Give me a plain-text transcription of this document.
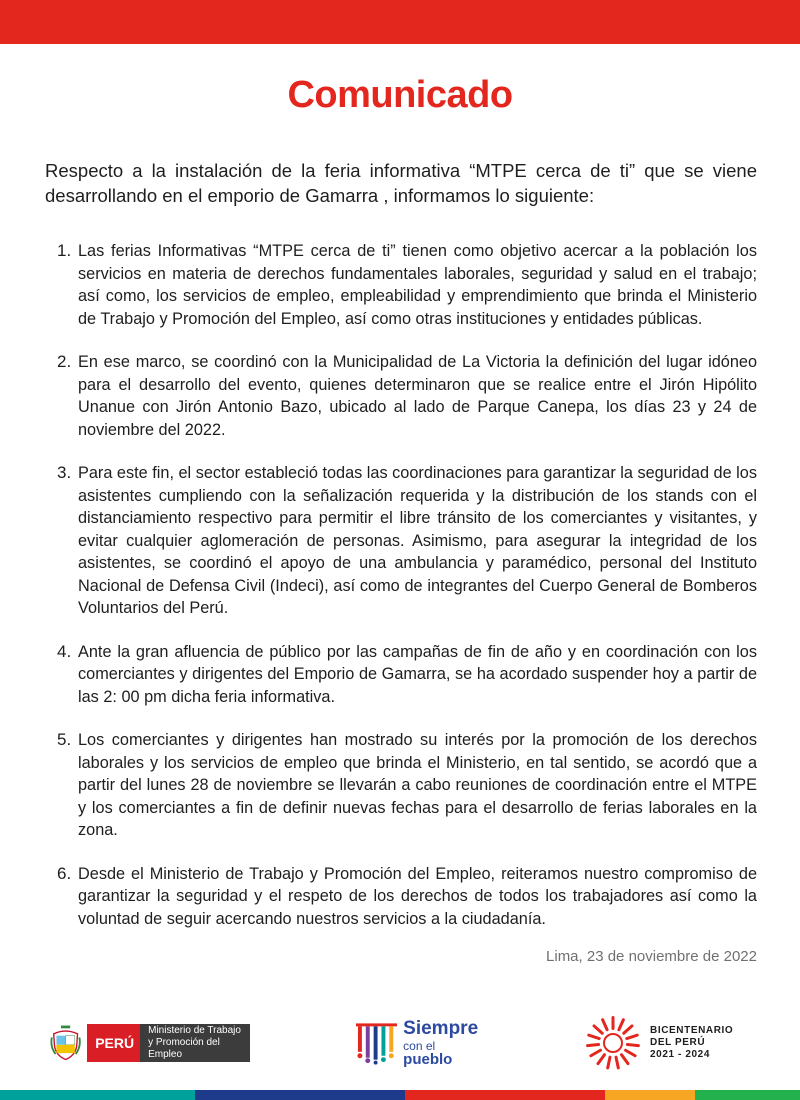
Comunicado
Respecto a la instalación de la feria informativa “MTPE cerca de ti” que se viene desarrollando en el emporio de Gamarra , informamos lo siguiente:
1. Las ferias Informativas “MTPE cerca de ti” tienen como objetivo acercar a la población los servicios en materia de derechos fundamentales laborales, seguridad y salud en el trabajo; así como, los servicios de empleo, empleabilidad y emprendimiento que brinda el Ministerio de Trabajo y Promoción del Empleo, así como otras instituciones y entidades públicas.
2. En ese marco, se coordinó con la Municipalidad de La Victoria la definición del lugar idóneo para el desarrollo del evento, quienes determinaron que se realice entre el Jirón Hipólito Unanue con Jirón Antonio Bazo, ubicado al lado de Parque Canepa, los días 23 y 24 de noviembre del 2022.
3. Para este fin, el sector estableció todas las coordinaciones para garantizar la seguridad de los asistentes cumpliendo con la señalización requerida y la distribución de los stands con el distanciamiento respectivo para permitir el libre tránsito de los comerciantes y visitantes, y evitar cualquier aglomeración de personas. Asimismo, para asegurar la integridad de los asistentes, se coordinó el apoyo de una ambulancia y paramédico, personal del Instituto Nacional de Defensa Civil (Indeci), así como de integrantes del Cuerpo General de Bomberos Voluntarios del Perú.
4. Ante la gran afluencia de público por las campañas de fin de año y en coordinación con los comerciantes y dirigentes del Emporio de Gamarra, se ha acordado suspender hoy a partir de las 2: 00 pm dicha feria informativa.
5. Los comerciantes y dirigentes han mostrado su interés por la promoción de los derechos laborales y los servicios de empleo que brinda el Ministerio, en tal sentido, se acordó que a partir del lunes 28 de noviembre se llevarán a cabo reuniones de coordinación entre el MTPE y los comerciantes a fin de definir nuevas fechas para el desarrollo de ferias laborales en la zona.
6. Desde el Ministerio de Trabajo y Promoción del Empleo, reiteramos nuestro compromiso de garantizar la seguridad y el respeto de los derechos de todos los trabajadores así como la voluntad de seguir acercando nuestros servicios a la ciudadanía.
Lima, 23 de noviembre de 2022
PERÚ
Ministerio de Trabajo
y Promoción del Empleo
Siempre
con el pueblo
BICENTENARIO
DEL PERÚ
2021 - 2024
